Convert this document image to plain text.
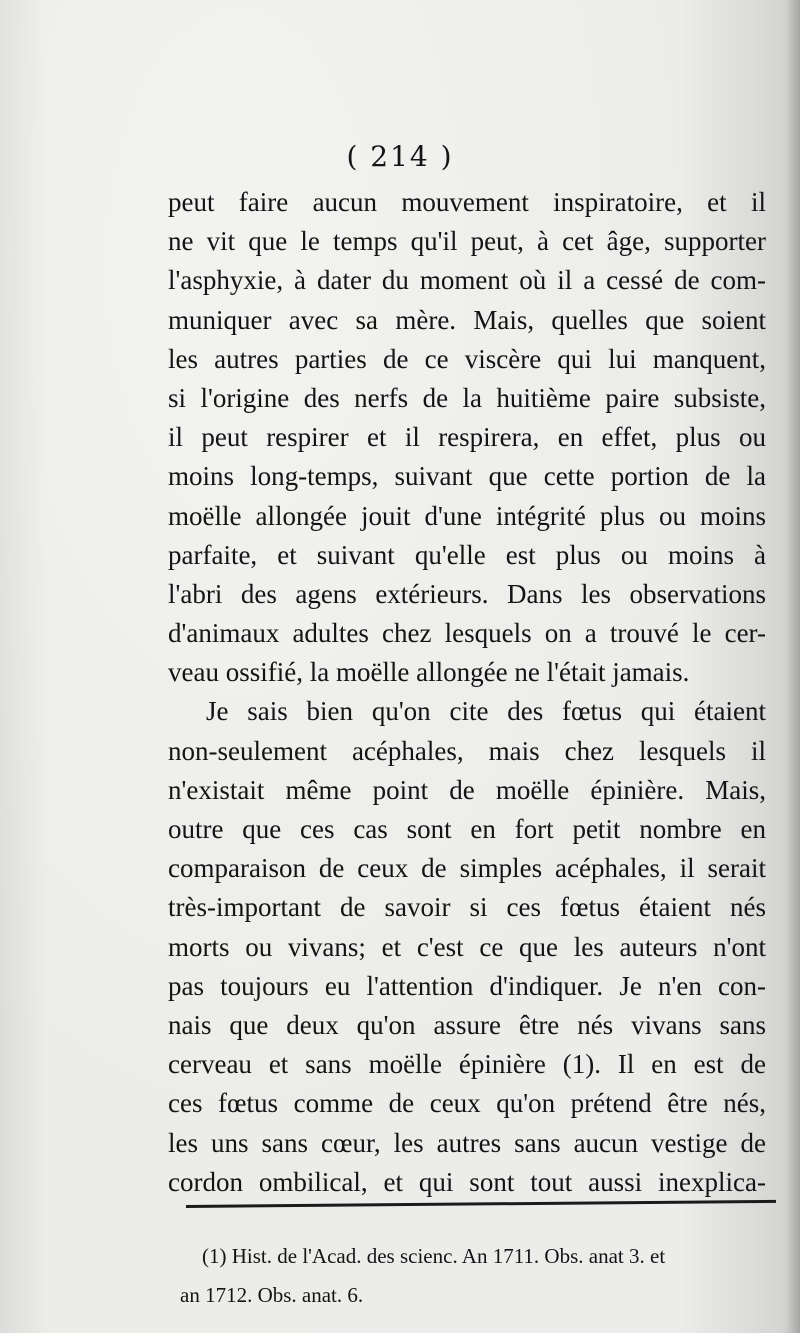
( 214 )
peut faire aucun mouvement inspiratoire, et il
ne vit que le temps qu'il peut, à cet âge, supporter
l'asphyxie, à dater du moment où il a cessé de com-
muniquer avec sa mère. Mais, quelles que soient
les autres parties de ce viscère qui lui manquent,
si l'origine des nerfs de la huitième paire subsiste,
il peut respirer et il respirera, en effet, plus ou
moins long-temps, suivant que cette portion de la
moëlle allongée jouit d'une intégrité plus ou moins
parfaite, et suivant qu'elle est plus ou moins à
l'abri des agens extérieurs. Dans les observations
d'animaux adultes chez lesquels on a trouvé le cer-
veau ossifié, la moëlle allongée ne l'était jamais.
Je sais bien qu'on cite des fœtus qui étaient
non-seulement acéphales, mais chez lesquels il
n'existait même point de moëlle épinière. Mais,
outre que ces cas sont en fort petit nombre en
comparaison de ceux de simples acéphales, il serait
très-important de savoir si ces fœtus étaient nés
morts ou vivans; et c'est ce que les auteurs n'ont
pas toujours eu l'attention d'indiquer. Je n'en con-
nais que deux qu'on assure être nés vivans sans
cerveau et sans moëlle épinière (1). Il en est de
ces fœtus comme de ceux qu'on prétend être nés,
les uns sans cœur, les autres sans aucun vestige de
cordon ombilical, et qui sont tout aussi inexplica-
(1) Hist. de l'Acad. des scienc. An 1711. Obs. anat 3. et
an 1712. Obs. anat. 6.
